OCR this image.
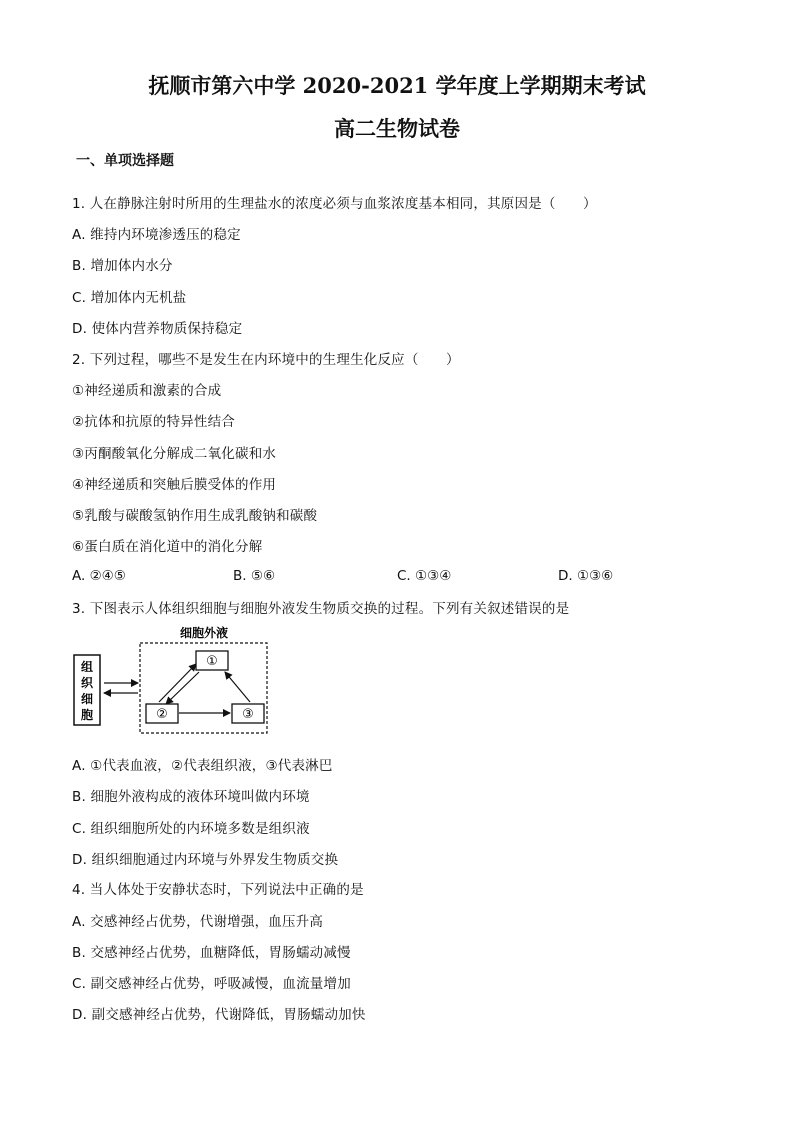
抚顺市第六中学 2020-2021 学年度上学期期末考试
高二生物试卷
一、单项选择题
1. 人在静脉注射时所用的生理盐水的浓度必须与血浆浓度基本相同，其原因是（　　）
A. 维持内环境渗透压的稳定
B. 增加体内水分
C. 增加体内无机盐
D. 使体内营养物质保持稳定
2. 下列过程，哪些不是发生在内环境中的生理生化反应（　　）
①神经递质和激素的合成
②抗体和抗原的特异性结合
③丙酮酸氧化分解成二氧化碳和水
④神经递质和突触后膜受体的作用
⑤乳酸与碳酸氢钠作用生成乳酸钠和碳酸
⑥蛋白质在消化道中的消化分解
A. ②④⑤	B. ⑤⑥	C. ①③④	D. ①③⑥
3. 下图表示人体组织细胞与细胞外液发生物质交换的过程。下列有关叙述错误的是
细胞外液
组
织
细
胞
①
②	③
A. ①代表血液，②代表组织液，③代表淋巴
B. 细胞外液构成的液体环境叫做内环境
C. 组织细胞所处的内环境多数是组织液
D. 组织细胞通过内环境与外界发生物质交换
4. 当人体处于安静状态时，下列说法中正确的是
A. 交感神经占优势，代谢增强，血压升高
B. 交感神经占优势，血糖降低，胃肠蠕动减慢
C. 副交感神经占优势，呼吸减慢，血流量增加
D. 副交感神经占优势，代谢降低，胃肠蠕动加快
